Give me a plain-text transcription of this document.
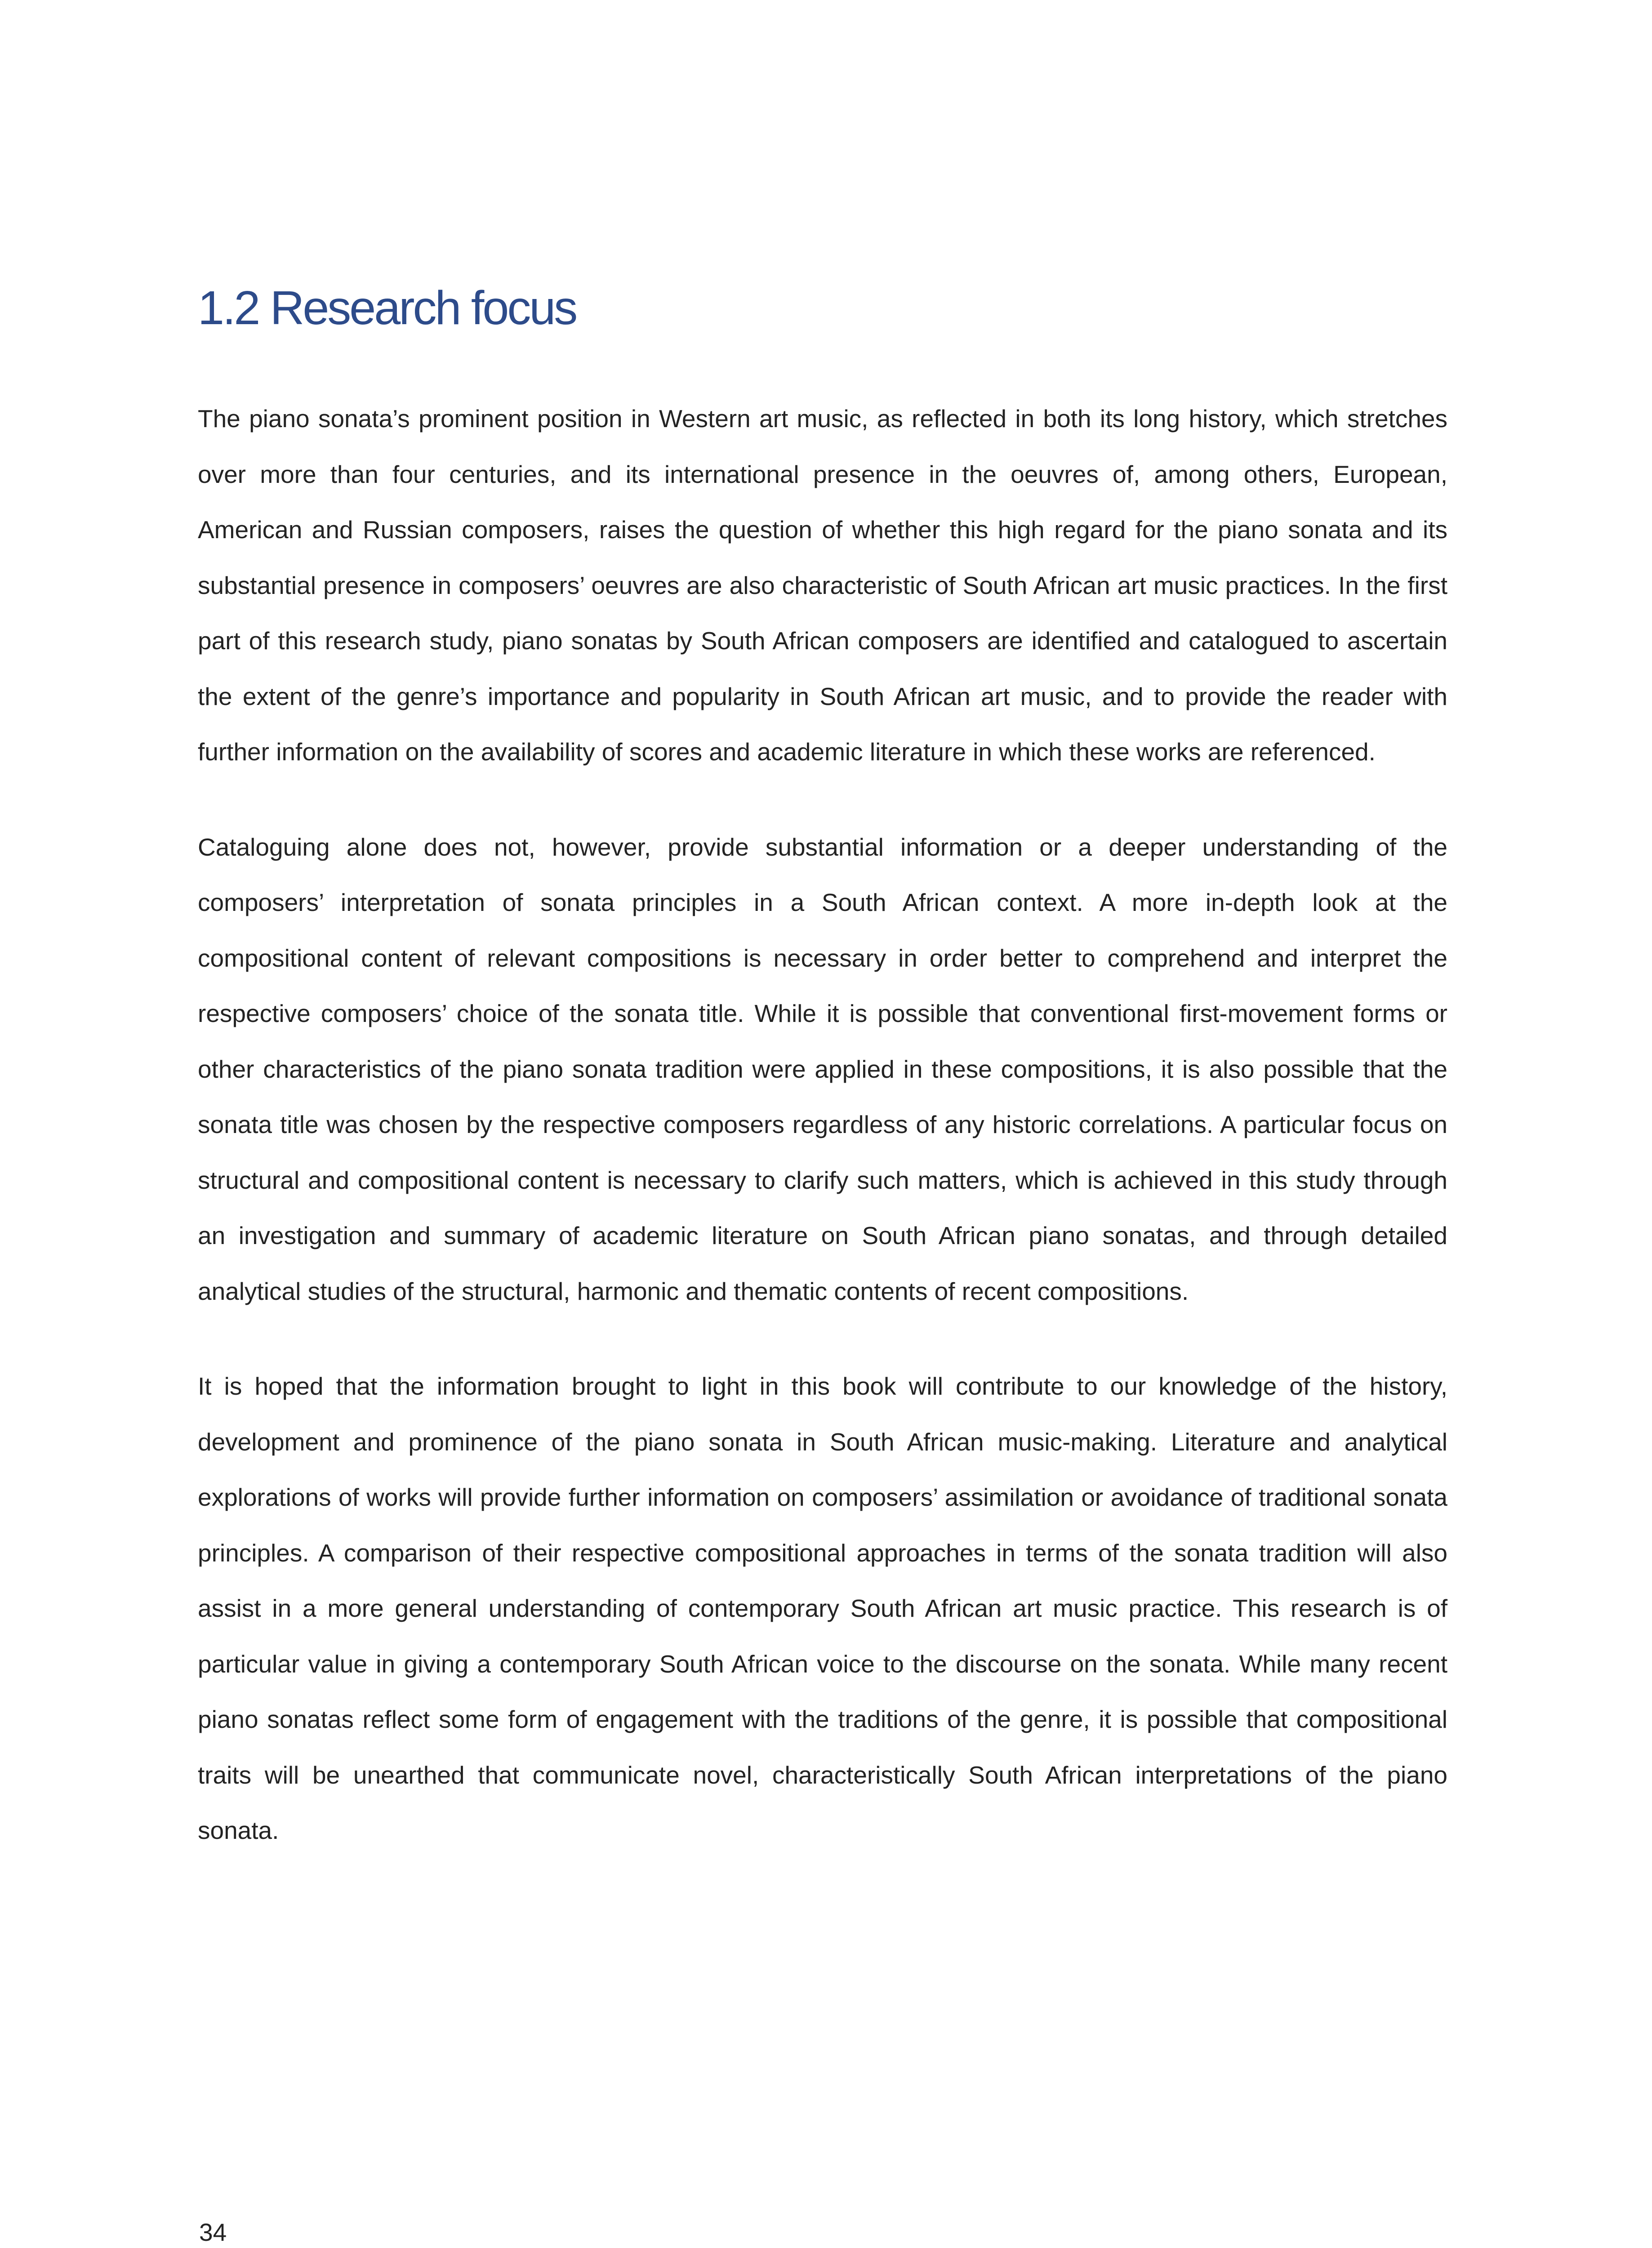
1.2 Research focus

The piano sonata’s prominent position in Western art music, as reflected in both its long history, which stretches over more than four centuries, and its international presence in the oeuvres of, among others, European, American and Russian composers, raises the question of whether this high regard for the piano sonata and its substantial presence in composers’ oeuvres are also characteristic of South African art music practices. In the first part of this research study, piano sonatas by South African composers are identified and catalogued to ascertain the extent of the genre’s importance and popularity in South African art music, and to provide the reader with further information on the availability of scores and academic literature in which these works are referenced.

Cataloguing alone does not, however, provide substantial information or a deeper understanding of the composers’ interpretation of sonata principles in a South African context. A more in-depth look at the compositional content of relevant compositions is necessary in order better to comprehend and interpret the respective composers’ choice of the sonata title. While it is possible that conventional first-movement forms or other characteristics of the piano sonata tradition were applied in these compositions, it is also possible that the sonata title was chosen by the respective composers regardless of any historic correlations. A particular focus on structural and compositional content is necessary to clarify such matters, which is achieved in this study through an investigation and summary of academic literature on South African piano sonatas, and through detailed analytical studies of the structural, harmonic and thematic contents of recent compositions.

It is hoped that the information brought to light in this book will contribute to our knowledge of the history, development and prominence of the piano sonata in South African music-making. Literature and analytical explorations of works will provide further information on composers’ assimilation or avoidance of traditional sonata principles. A comparison of their respective compositional approaches in terms of the sonata tradition will also assist in a more general understanding of contemporary South African art music practice. This research is of particular value in giving a contemporary South African voice to the discourse on the sonata. While many recent piano sonatas reflect some form of engagement with the traditions of the genre, it is possible that compositional traits will be unearthed that communicate novel, characteristically South African interpretations of the piano sonata.

34
